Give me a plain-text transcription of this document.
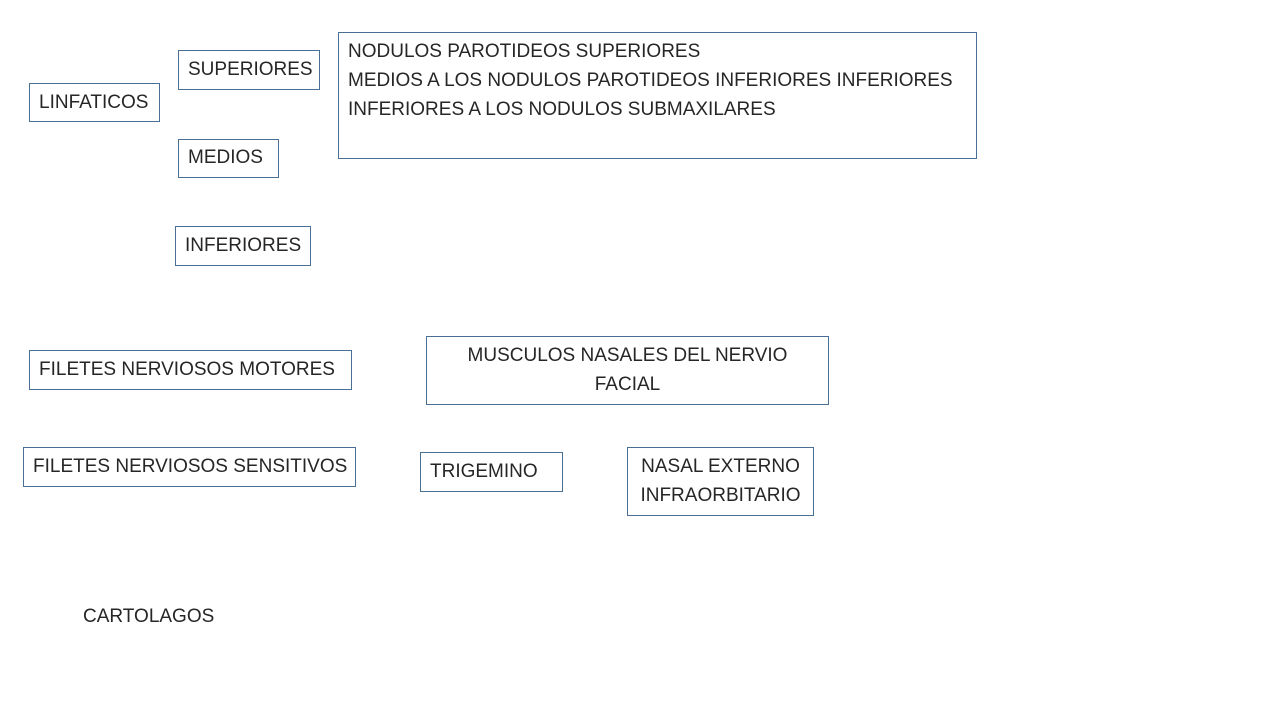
LINFATICOS
SUPERIORES
MEDIOS
INFERIORES
NODULOS PAROTIDEOS SUPERIORES
MEDIOS A LOS NODULOS PAROTIDEOS INFERIORES INFERIORES
INFERIORES A LOS NODULOS SUBMAXILARES
FILETES NERVIOSOS MOTORES
MUSCULOS NASALES DEL NERVIO
FACIAL
FILETES NERVIOSOS SENSITIVOS	TRIGEMINO	NASAL EXTERNO
INFRAORBITARIO
CARTOLAGOS
